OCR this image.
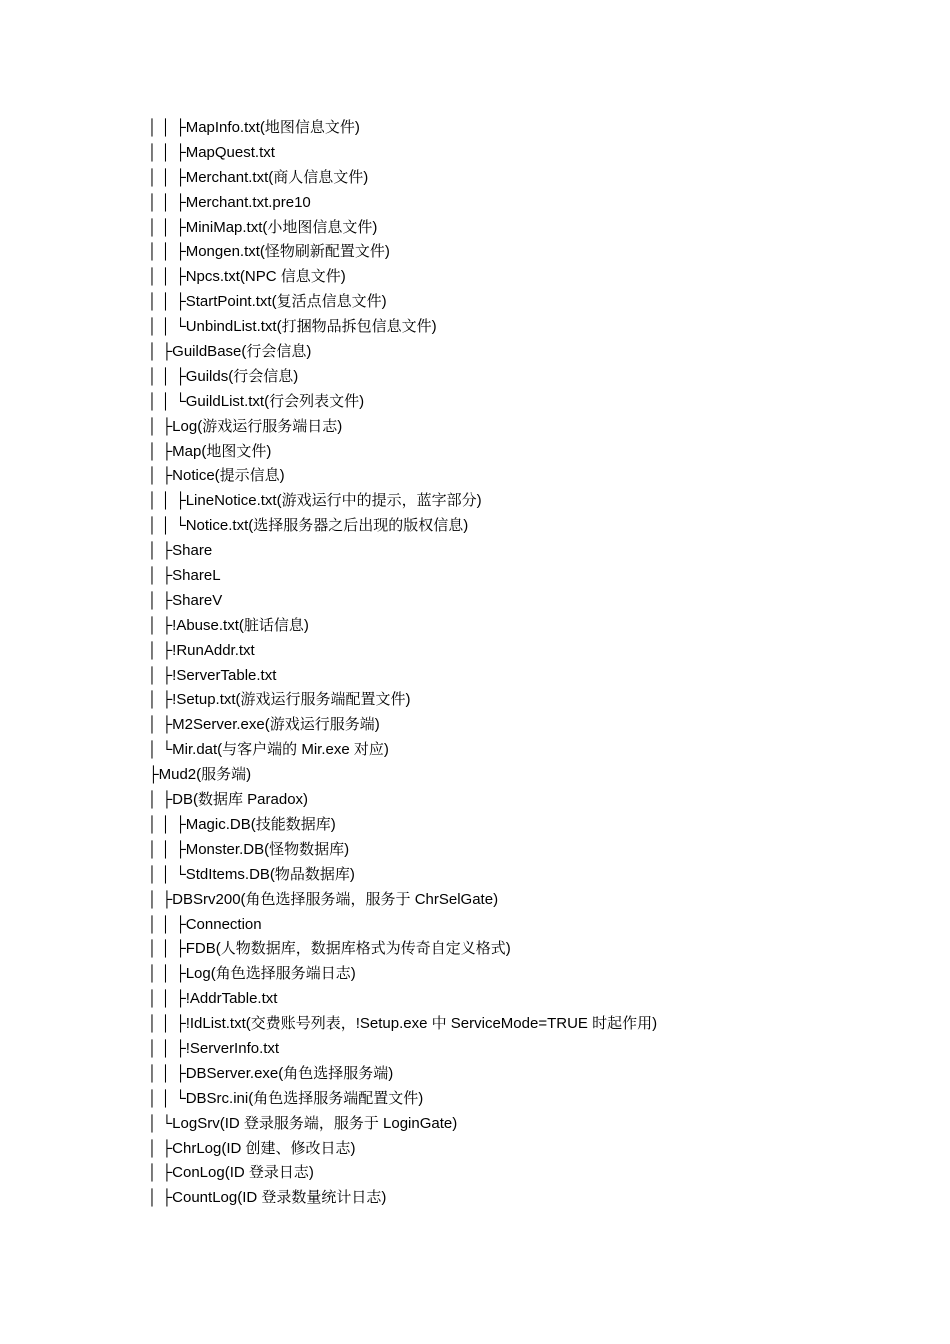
│ │ ├MapInfo.txt(地图信息文件)
│ │ ├MapQuest.txt
│ │ ├Merchant.txt(商人信息文件)
│ │ ├Merchant.txt.pre10
│ │ ├MiniMap.txt(小地图信息文件)
│ │ ├Mongen.txt(怪物刷新配置文件)
│ │ ├Npcs.txt(NPC 信息文件)
│ │ ├StartPoint.txt(复活点信息文件)
│ │ └UnbindList.txt(打捆物品拆包信息文件)
│ ├GuildBase(行会信息)
│ │ ├Guilds(行会信息)
│ │ └GuildList.txt(行会列表文件)
│ ├Log(游戏运行服务端日志)
│ ├Map(地图文件)
│ ├Notice(提示信息)
│ │ ├LineNotice.txt(游戏运行中的提示，蓝字部分)
│ │ └Notice.txt(选择服务器之后出现的版权信息)
│ ├Share
│ ├ShareL
│ ├ShareV
│ ├!Abuse.txt(脏话信息)
│ ├!RunAddr.txt
│ ├!ServerTable.txt
│ ├!Setup.txt(游戏运行服务端配置文件)
│ ├M2Server.exe(游戏运行服务端)
│ └Mir.dat(与客户端的 Mir.exe 对应)
├Mud2(服务端)
│ ├DB(数据库 Paradox)
│ │ ├Magic.DB(技能数据库)
│ │ ├Monster.DB(怪物数据库)
│ │ └StdItems.DB(物品数据库)
│ ├DBSrv200(角色选择服务端，服务于 ChrSelGate)
│ │ ├Connection
│ │ ├FDB(人物数据库，数据库格式为传奇自定义格式)
│ │ ├Log(角色选择服务端日志)
│ │ ├!AddrTable.txt
│ │ ├!IdList.txt(交费账号列表，!Setup.exe 中 ServiceMode=TRUE 时起作用)
│ │ ├!ServerInfo.txt
│ │ ├DBServer.exe(角色选择服务端)
│ │ └DBSrc.ini(角色选择服务端配置文件)
│ └LogSrv(ID 登录服务端，服务于 LoginGate)
│ ├ChrLog(ID 创建、修改日志)
│ ├ConLog(ID 登录日志)
│ ├CountLog(ID 登录数量统计日志)
